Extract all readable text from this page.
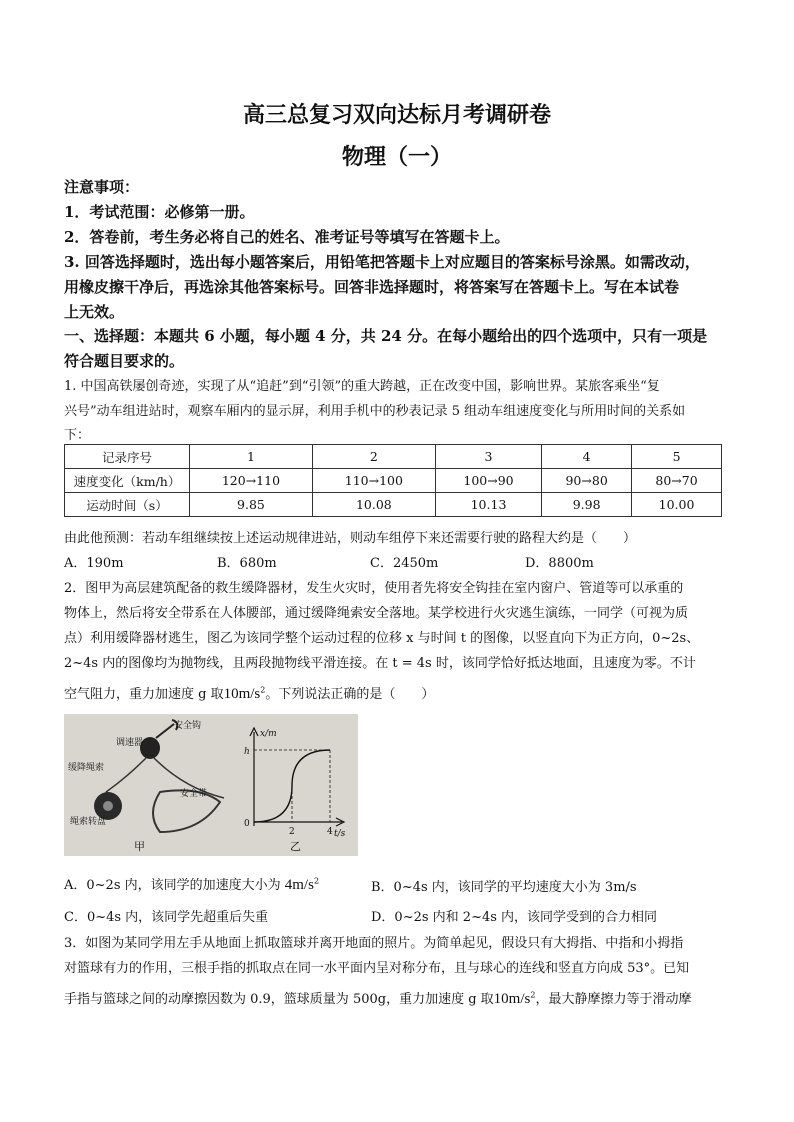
高三总复习双向达标月考调研卷
物理（一）
注意事项：
1．考试范围：必修第一册。
2．答卷前，考生务必将自己的姓名、准考证号等填写在答题卡上。
3. 回答选择题时，选出每小题答案后，用铅笔把答题卡上对应题目的答案标号涂黑。如需改动，
用橡皮擦干净后，再选涂其他答案标号。回答非选择题时，将答案写在答题卡上。写在本试卷
上无效。
一、选择题：本题共 6 小题，每小题 4 分，共 24 分。在每小题给出的四个选项中，只有一项是
符合题目要求的。
1. 中国高铁屡创奇迹，实现了从“追赶”到“引领”的重大跨越，正在改变中国，影响世界。某旅客乘坐“复
兴号”动车组进站时，观察车厢内的显示屏，利用手机中的秒表记录 5 组动车组速度变化与所用时间的关系如
下：
记录序号	1	2	3	4	5
速度变化（km/h）	120→110	110→100	100→90	90→80	80→70
运动时间（s）	9.85	10.08	10.13	9.98	10.00
由此他预测：若动车组继续按上述运动规律进站，则动车组停下来还需要行驶的路程大约是（　　）
A．190m	B．680m	C．2450m	D．8800m
2．图甲为高层建筑配备的救生缓降器材，发生火灾时，使用者先将安全钩挂在室内窗户、管道等可以承重的
物体上，然后将安全带系在人体腰部，通过缓降绳索安全落地。某学校进行火灾逃生演练，一同学（可视为质
点）利用缓降器材逃生，图乙为该同学整个运动过程的位移 x 与时间 t 的图像，以竖直向下为正方向，0~2s、
2~4s 内的图像均为抛物线，且两段抛物线平滑连接。在 t = 4s 时，该同学恰好抵达地面，且速度为零。不计
空气阻力，重力加速度 g 取$10m/s^2$。下列说法正确的是（　　）
调速器
安全钩
缓降绳索
安全带
绳索转盘
甲
x/m
t/s
h
0
2	4
乙
A．0~2s 内，该同学的加速度大小为 $4m/s^2$	B．0~4s 内，该同学的平均速度大小为 3m/s
C．0~4s 内，该同学先超重后失重	D．0~2s 内和 2~4s 内，该同学受到的合力相同
3．如图为某同学用左手从地面上抓取篮球并离开地面的照片。为简单起见，假设只有大拇指、中指和小拇指
对篮球有力的作用，三根手指的抓取点在同一水平面内呈对称分布，且与球心的连线和竖直方向成 53°。已知
手指与篮球之间的动摩擦因数为 0.9，篮球质量为 500g，重力加速度 g 取$10m/s^2$，最大静摩擦力等于滑动摩
